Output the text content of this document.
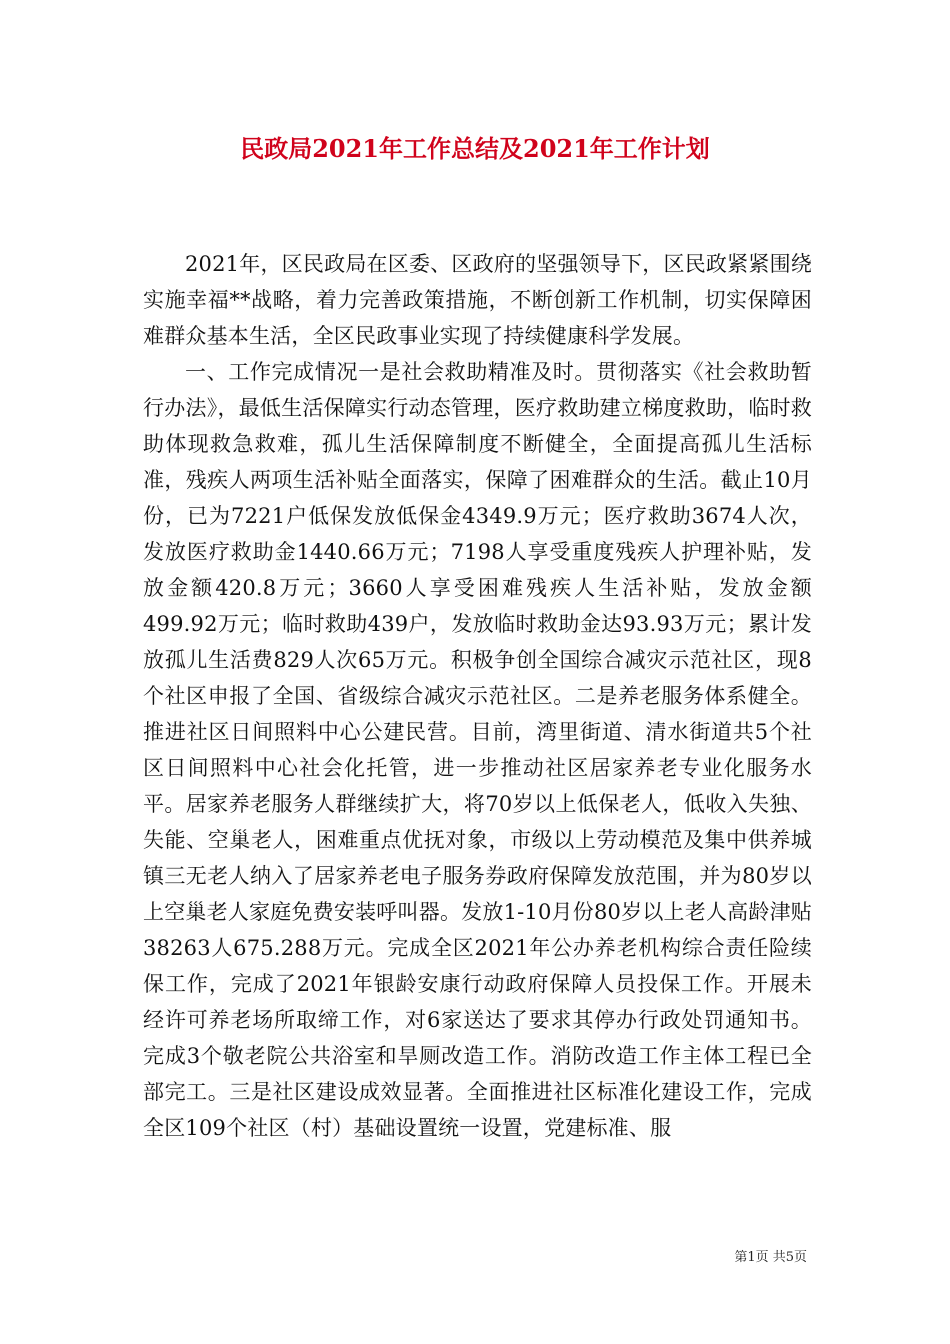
民政局2021年工作总结及2021年工作计划

2021年，区民政局在区委、区政府的坚强领导下，区民政紧紧围绕实施幸福**战略，着力完善政策措施，不断创新工作机制，切实保障困难群众基本生活，全区民政事业实现了持续健康科学发展。

一、工作完成情况一是社会救助精准及时。贯彻落实《社会救助暂行办法》，最低生活保障实行动态管理，医疗救助建立梯度救助，临时救助体现救急救难，孤儿生活保障制度不断健全，全面提高孤儿生活标准，残疾人两项生活补贴全面落实，保障了困难群众的生活。截止10月份，已为7221户低保发放低保金4349.9万元；医疗救助3674人次，发放医疗救助金1440.66万元；7198人享受重度残疾人护理补贴，发放金额420.8万元；3660人享受困难残疾人生活补贴，发放金额499.92万元；临时救助439户，发放临时救助金达93.93万元；累计发放孤儿生活费829人次65万元。积极争创全国综合减灾示范社区，现8个社区申报了全国、省级综合减灾示范社区。二是养老服务体系健全。推进社区日间照料中心公建民营。目前，湾里街道、清水街道共5个社区日间照料中心社会化托管，进一步推动社区居家养老专业化服务水平。居家养老服务人群继续扩大，将70岁以上低保老人，低收入失独、失能、空巢老人，困难重点优抚对象，市级以上劳动模范及集中供养城镇三无老人纳入了居家养老电子服务券政府保障发放范围，并为80岁以上空巢老人家庭免费安装呼叫器。发放1-10月份80岁以上老人高龄津贴38263人675.288万元。完成全区2021年公办养老机构综合责任险续保工作，完成了2021年银龄安康行动政府保障人员投保工作。开展未经许可养老场所取缔工作，对6家送达了要求其停办行政处罚通知书。完成3个敬老院公共浴室和旱厕改造工作。消防改造工作主体工程已全部完工。三是社区建设成效显著。全面推进社区标准化建设工作，完成全区109个社区（村）基础设置统一设置，党建标准、服

第1页 共5页
